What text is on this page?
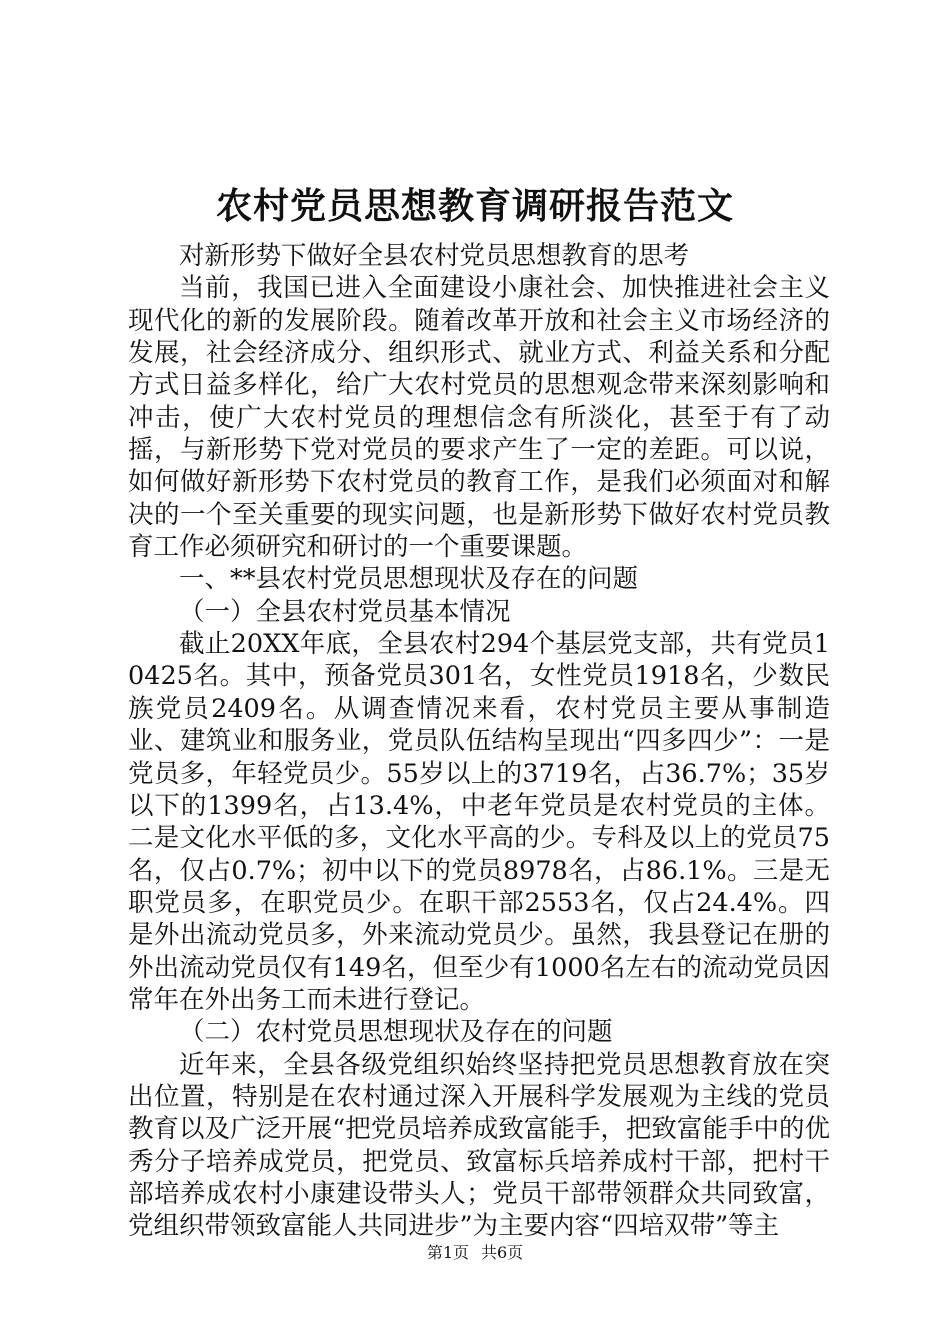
农村党员思想教育调研报告范文

对新形势下做好全县农村党员思想教育的思考

当前，我国已进入全面建设小康社会、加快推进社会主义现代化的新的发展阶段。随着改革开放和社会主义市场经济的发展，社会经济成分、组织形式、就业方式、利益关系和分配方式日益多样化，给广大农村党员的思想观念带来深刻影响和冲击，使广大农村党员的理想信念有所淡化，甚至于有了动摇，与新形势下党对党员的要求产生了一定的差距。可以说，如何做好新形势下农村党员的教育工作，是我们必须面对和解决的一个至关重要的现实问题，也是新形势下做好农村党员教育工作必须研究和研讨的一个重要课题。

一、**县农村党员思想现状及存在的问题

（一）全县农村党员基本情况

截止20XX年底，全县农村294个基层党支部，共有党员10425名。其中，预备党员301名，女性党员1918名，少数民族党员2409名。从调查情况来看，农村党员主要从事制造业、建筑业和服务业，党员队伍结构呈现出“四多四少”：一是党员多，年轻党员少。55岁以上的3719名，占36.7%；35岁以下的1399名，占13.4%，中老年党员是农村党员的主体。二是文化水平低的多，文化水平高的少。专科及以上的党员75名，仅占0.7%；初中以下的党员8978名，占86.1%。三是无职党员多，在职党员少。在职干部2553名，仅占24.4%。四是外出流动党员多，外来流动党员少。虽然，我县登记在册的外出流动党员仅有149名，但至少有1000名左右的流动党员因常年在外出务工而未进行登记。

（二）农村党员思想现状及存在的问题

近年来，全县各级党组织始终坚持把党员思想教育放在突出位置，特别是在农村通过深入开展科学发展观为主线的党员教育以及广泛开展“把党员培养成致富能手，把致富能手中的优秀分子培养成党员，把党员、致富标兵培养成村干部，把村干部培养成农村小康建设带头人；党员干部带领群众共同致富，党组织带领致富能人共同进步”为主要内容“四培双带”等主

第1页 共6页
